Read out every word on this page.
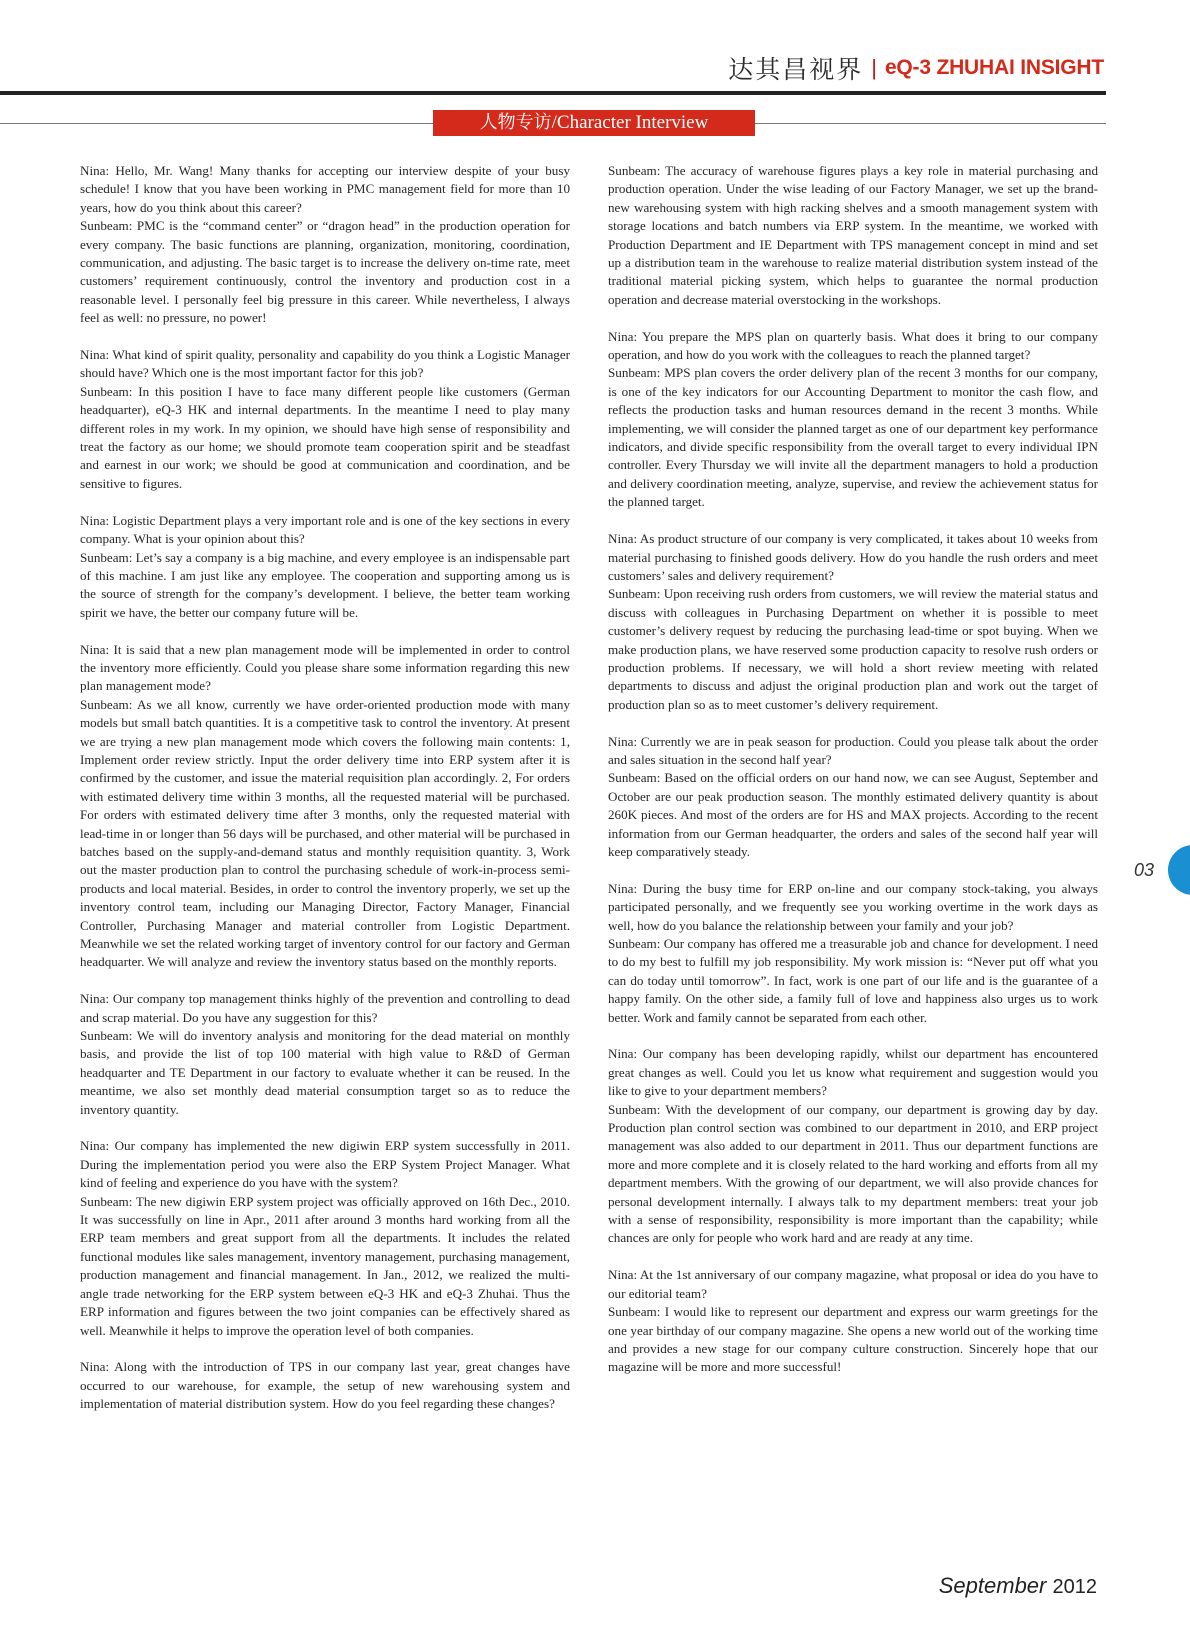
达其昌视界 | eQ-3 ZHUHAI INSIGHT
人物专访/Character Interview

Nina: Hello, Mr. Wang! Many thanks for accepting our interview despite of your busy schedule! I know that you have been working in PMC management field for more than 10 years, how do you think about this career?

Sunbeam: PMC is the “command center” or “dragon head” in the production operation for every company. The basic functions are planning, organization, monitoring, coordination, communication, and adjusting. The basic target is to increase the delivery on-time rate, meet customers’ requirement continuously, control the inventory and production cost in a reasonable level. I personally feel big pressure in this career. While nevertheless, I always feel as well: no pressure, no power!

Nina: What kind of spirit quality, personality and capability do you think a Logistic Manager should have? Which one is the most important factor for this job?

Sunbeam: In this position I have to face many different people like customers (German headquarter), eQ-3 HK and internal departments. In the meantime I need to play many different roles in my work. In my opinion, we should have high sense of responsibility and treat the factory as our home; we should promote team cooperation spirit and be steadfast and earnest in our work; we should be good at communication and coordination, and be sensitive to figures.

Nina: Logistic Department plays a very important role and is one of the key sections in every company. What is your opinion about this?

Sunbeam: Let’s say a company is a big machine, and every employee is an indispensable part of this machine. I am just like any employee. The cooperation and supporting among us is the source of strength for the company’s development. I believe, the better team working spirit we have, the better our company future will be.

Nina: It is said that a new plan management mode will be implemented in order to control the inventory more efficiently. Could you please share some information regarding this new plan management mode?

Sunbeam: As we all know, currently we have order-oriented production mode with many models but small batch quantities. It is a competitive task to control the inventory. At present we are trying a new plan management mode which covers the following main contents: 1, Implement order review strictly. Input the order delivery time into ERP system after it is confirmed by the customer, and issue the material requisition plan accordingly. 2, For orders with estimated delivery time within 3 months, all the requested material will be purchased. For orders with estimated delivery time after 3 months, only the requested material with lead-time in or longer than 56 days will be purchased, and other material will be purchased in batches based on the supply-and-demand status and monthly requisition quantity. 3, Work out the master production plan to control the purchasing schedule of work-in-process semi-products and local material. Besides, in order to control the inventory properly, we set up the inventory control team, including our Managing Director, Factory Manager, Financial Controller, Purchasing Manager and material controller from Logistic Department. Meanwhile we set the related working target of inventory control for our factory and German headquarter. We will analyze and review the inventory status based on the monthly reports.

Nina: Our company top management thinks highly of the prevention and controlling to dead and scrap material. Do you have any suggestion for this?

Sunbeam: We will do inventory analysis and monitoring for the dead material on monthly basis, and provide the list of top 100 material with high value to R&D of German headquarter and TE Department in our factory to evaluate whether it can be reused. In the meantime, we also set monthly dead material consumption target so as to reduce the inventory quantity.

Nina: Our company has implemented the new digiwin ERP system successfully in 2011. During the implementation period you were also the ERP System Project Manager. What kind of feeling and experience do you have with the system?

Sunbeam: The new digiwin ERP system project was officially approved on 16th Dec., 2010. It was successfully on line in Apr., 2011 after around 3 months hard working from all the ERP team members and great support from all the departments. It includes the related functional modules like sales management, inventory management, purchasing management, production management and financial management. In Jan., 2012, we realized the multi-angle trade networking for the ERP system between eQ-3 HK and eQ-3 Zhuhai. Thus the ERP information and figures between the two joint companies can be effectively shared as well. Meanwhile it helps to improve the operation level of both companies.

Nina: Along with the introduction of TPS in our company last year, great changes have occurred to our warehouse, for example, the setup of new warehousing system and implementation of material distribution system. How do you feel regarding these changes?

Sunbeam: The accuracy of warehouse figures plays a key role in material purchasing and production operation. Under the wise leading of our Factory Manager, we set up the brand-new warehousing system with high racking shelves and a smooth management system with storage locations and batch numbers via ERP system. In the meantime, we worked with Production Department and IE Department with TPS management concept in mind and set up a distribution team in the warehouse to realize material distribution system instead of the traditional material picking system, which helps to guarantee the normal production operation and decrease material overstocking in the workshops.

Nina: You prepare the MPS plan on quarterly basis. What does it bring to our company operation, and how do you work with the colleagues to reach the planned target?

Sunbeam: MPS plan covers the order delivery plan of the recent 3 months for our company, is one of the key indicators for our Accounting Department to monitor the cash flow, and reflects the production tasks and human resources demand in the recent 3 months. While implementing, we will consider the planned target as one of our department key performance indicators, and divide specific responsibility from the overall target to every individual IPN controller. Every Thursday we will invite all the department managers to hold a production and delivery coordination meeting, analyze, supervise, and review the achievement status for the planned target.

Nina: As product structure of our company is very complicated, it takes about 10 weeks from material purchasing to finished goods delivery. How do you handle the rush orders and meet customers’ sales and delivery requirement?

Sunbeam: Upon receiving rush orders from customers, we will review the material status and discuss with colleagues in Purchasing Department on whether it is possible to meet customer’s delivery request by reducing the purchasing lead-time or spot buying. When we make production plans, we have reserved some production capacity to resolve rush orders or production problems. If necessary, we will hold a short review meeting with related departments to discuss and adjust the original production plan and work out the target of production plan so as to meet customer’s delivery requirement.

Nina: Currently we are in peak season for production. Could you please talk about the order and sales situation in the second half year?

Sunbeam: Based on the official orders on our hand now, we can see August, September and October are our peak production season. The monthly estimated delivery quantity is about 260K pieces. And most of the orders are for HS and MAX projects. According to the recent information from our German headquarter, the orders and sales of the second half year will keep comparatively steady.

Nina: During the busy time for ERP on-line and our company stock-taking, you always participated personally, and we frequently see you working overtime in the work days as well, how do you balance the relationship between your family and your job?

Sunbeam: Our company has offered me a treasurable job and chance for development. I need to do my best to fulfill my job responsibility. My work mission is: “Never put off what you can do today until tomorrow”. In fact, work is one part of our life and is the guarantee of a happy family. On the other side, a family full of love and happiness also urges us to work better. Work and family cannot be separated from each other.

Nina: Our company has been developing rapidly, whilst our department has encountered great changes as well. Could you let us know what requirement and suggestion would you like to give to your department members?

Sunbeam: With the development of our company, our department is growing day by day. Production plan control section was combined to our department in 2010, and ERP project management was also added to our department in 2011. Thus our department functions are more and more complete and it is closely related to the hard working and efforts from all my department members. With the growing of our department, we will also provide chances for personal development internally. I always talk to my department members: treat your job with a sense of responsibility, responsibility is more important than the capability; while chances are only for people who work hard and are ready at any time.

Nina: At the 1st anniversary of our company magazine, what proposal or idea do you have to our editorial team?

Sunbeam: I would like to represent our department and express our warm greetings for the one year birthday of our company magazine. She opens a new world out of the working time and provides a new stage for our company culture construction. Sincerely hope that our magazine will be more and more successful!

03
September 2012
